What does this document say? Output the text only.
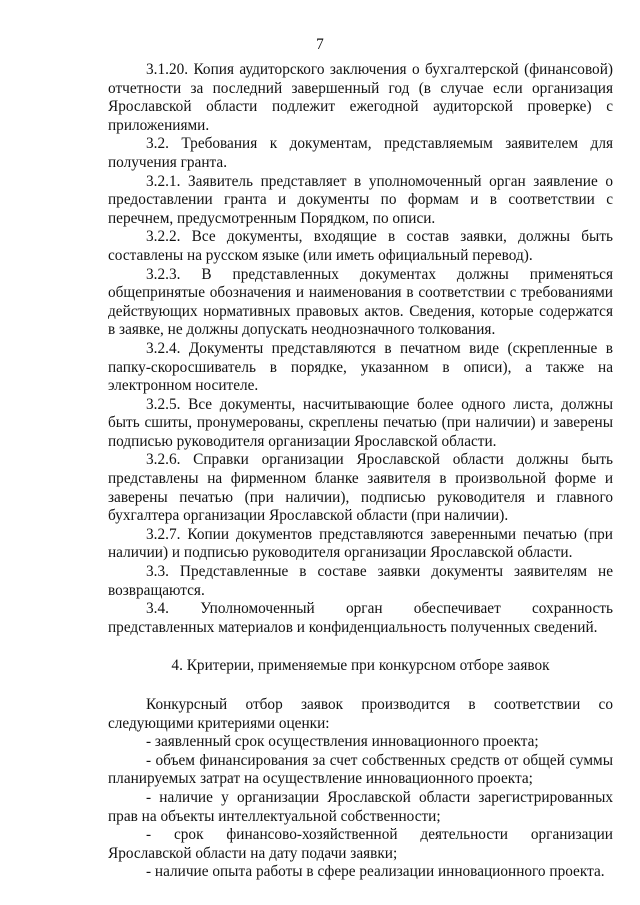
7

3.1.20. Копия аудиторского заключения о бухгалтерской (финансовой) отчетности за последний завершенный год (в случае если организация Ярославской области подлежит ежегодной аудиторской проверке) с приложениями.

3.2. Требования к документам, представляемым заявителем для получения гранта.

3.2.1. Заявитель представляет в уполномоченный орган заявление о предоставлении гранта и документы по формам и в соответствии с перечнем, предусмотренным Порядком, по описи.

3.2.2. Все документы, входящие в состав заявки, должны быть составлены на русском языке (или иметь официальный перевод).

3.2.3. В представленных документах должны применяться общепринятые обозначения и наименования в соответствии с требованиями действующих нормативных правовых актов. Сведения, которые содержатся в заявке, не должны допускать неоднозначного толкования.

3.2.4. Документы представляются в печатном виде (скрепленные в папку-скоросшиватель в порядке, указанном в описи), а также на электронном носителе.

3.2.5. Все документы, насчитывающие более одного листа, должны быть сшиты, пронумерованы, скреплены печатью (при наличии) и заверены подписью руководителя организации Ярославской области.

3.2.6. Справки организации Ярославской области должны быть представлены на фирменном бланке заявителя в произвольной форме и заверены печатью (при наличии), подписью руководителя и главного бухгалтера организации Ярославской области (при наличии).

3.2.7. Копии документов представляются заверенными печатью (при наличии) и подписью руководителя организации Ярославской области.

3.3. Представленные в составе заявки документы заявителям не возвращаются.

3.4. Уполномоченный орган обеспечивает сохранность представленных материалов и конфиденциальность полученных сведений.

4. Критерии, применяемые при конкурсном отборе заявок

Конкурсный отбор заявок производится в соответствии со следующими критериями оценки:

- заявленный срок осуществления инновационного проекта;

- объем финансирования за счет собственных средств от общей суммы планируемых затрат на осуществление инновационного проекта;

- наличие у организации Ярославской области зарегистрированных прав на объекты интеллектуальной собственности;

- срок финансово-хозяйственной деятельности организации Ярославской области на дату подачи заявки;

- наличие опыта работы в сфере реализации инновационного проекта.
